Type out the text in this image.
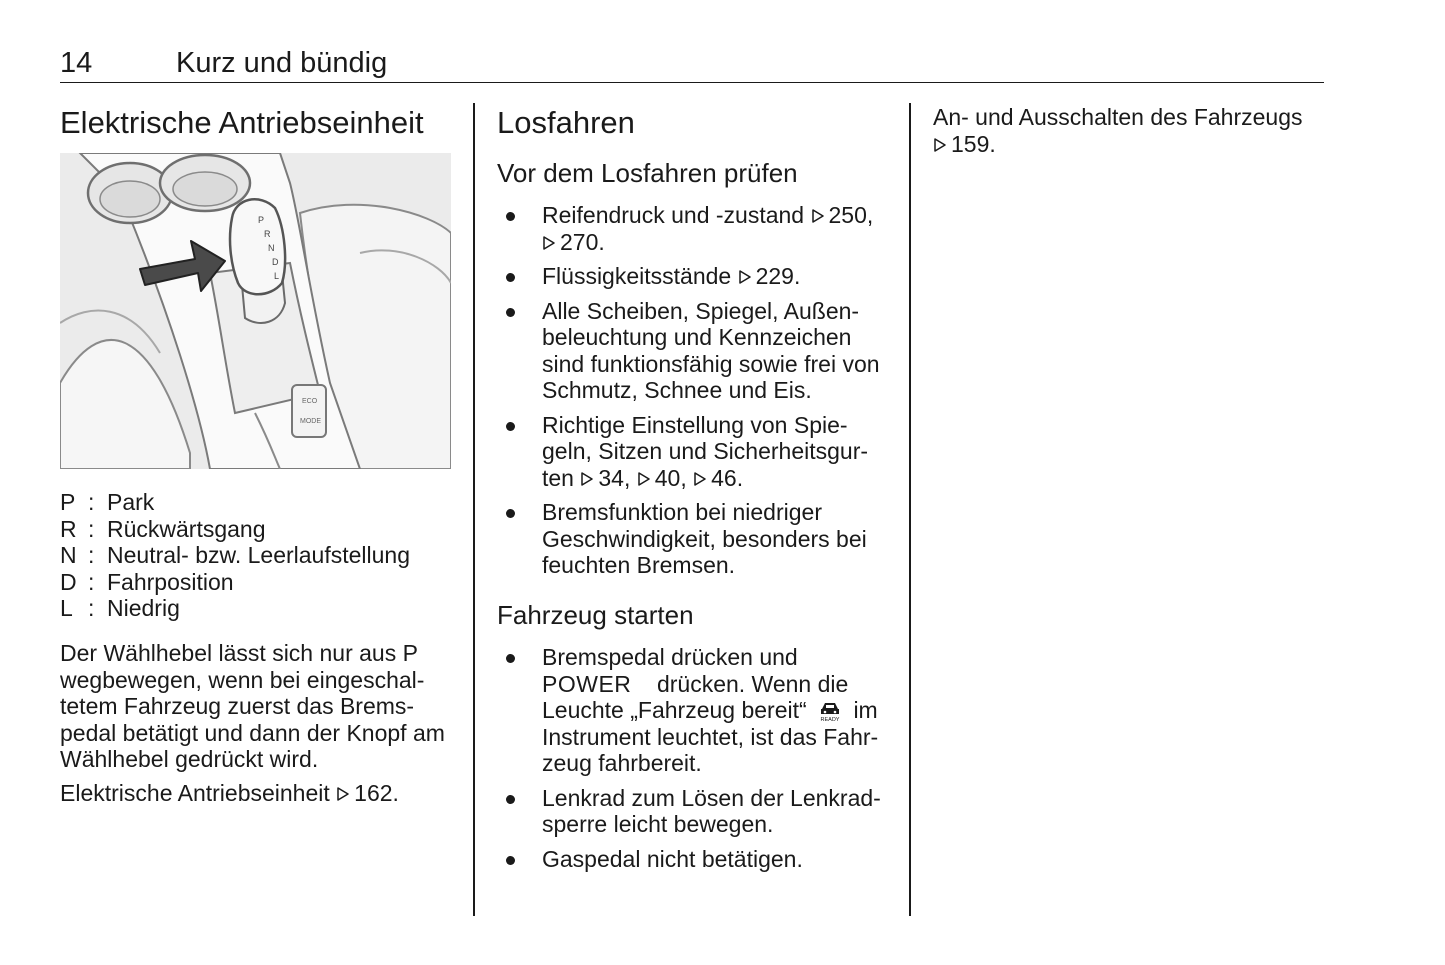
14	Kurz und bündig
Elektrische Antriebseinheit
P
R
N
D
L
ECO
MODE
P : Park
R : Rückwärtsgang
N : Neutral- bzw. Leerlaufstellung
D : Fahrposition
L : Niedrig

Der Wählhebel lässt sich nur aus P
wegbewegen, wenn bei eingeschal-
tetem Fahrzeug zuerst das Brems-
pedal betätigt und dann der Knopf am
Wählhebel gedrückt wird.

Elektrische Antriebseinheit 162.

Losfahren
Vor dem Losfahren prüfen
Reifendruck und -zustand 250,
270.
Flüssigkeitsstände 229.
Alle Scheiben, Spiegel, Außen-
beleuchtung und Kennzeichen
sind funktionsfähig sowie frei von
Schmutz, Schnee und Eis.
Richtige Einstellung von Spie-
geln, Sitzen und Sicherheitsgur-
ten 34, 40, 46.
Bremsfunktion bei niedriger
Geschwindigkeit, besonders bei
feuchten Bremsen.
Fahrzeug starten
Bremspedal drücken und
POWER drücken. Wenn die
Leuchte „Fahrzeug bereit“	READY im
Instrument leuchtet, ist das Fahr-
zeug fahrbereit.
Lenkrad zum Lösen der Lenkrad-
sperre leicht bewegen.
Gaspedal nicht betätigen.

An- und Ausschalten des Fahrzeugs
159.
